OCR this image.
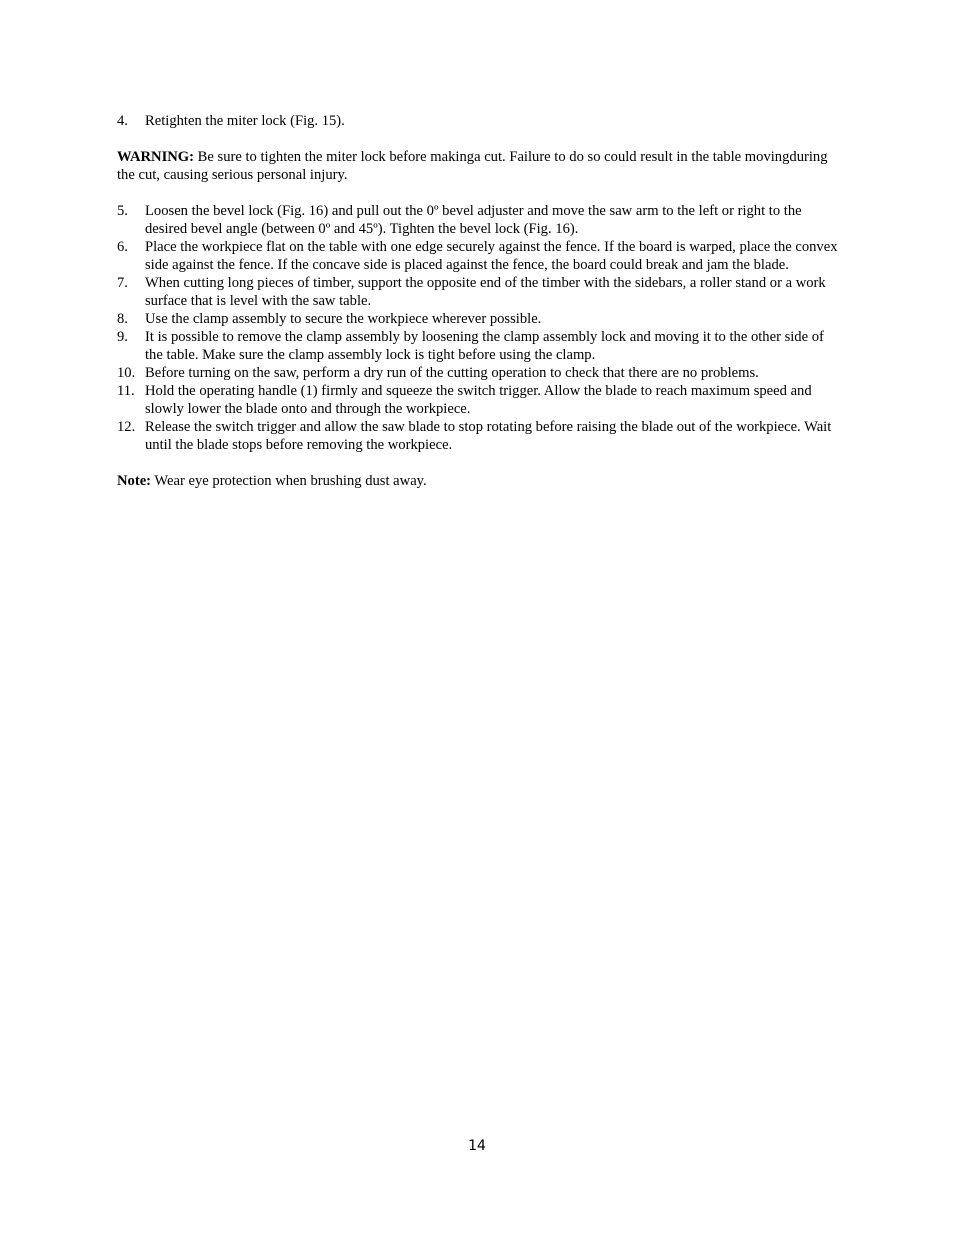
4.	Retighten the miter lock (Fig. 15).

WARNING: Be sure to tighten the miter lock before makinga cut. Failure to do so could result in the table movingduring the cut, causing serious personal injury.

5.	Loosen the bevel lock (Fig. 16) and pull out the 0º bevel adjuster and move the saw arm to the left or right to the desired bevel angle (between 0º and 45º). Tighten the bevel lock (Fig. 16).
6.	Place the workpiece flat on the table with one edge securely against the fence. If the board is warped, place the convex side against the fence. If the concave side is placed against the fence, the board could break and jam the blade.
7.	When cutting long pieces of timber, support the opposite end of the timber with the sidebars, a roller stand or a work surface that is level with the saw table.
8.	Use the clamp assembly to secure the workpiece wherever possible.
9.	It is possible to remove the clamp assembly by loosening the clamp assembly lock and moving it to the other side of the table. Make sure the clamp assembly lock is tight before using the clamp.
10. Before turning on the saw, perform a dry run of the cutting operation to check that there are no problems.
11. Hold the operating handle (1) firmly and squeeze the switch trigger. Allow the blade to reach maximum speed and slowly lower the blade onto and through the workpiece.
12. Release the switch trigger and allow the saw blade to stop rotating before raising the blade out of the workpiece. Wait until the blade stops before removing the workpiece.

Note: Wear eye protection when brushing dust away.

14
